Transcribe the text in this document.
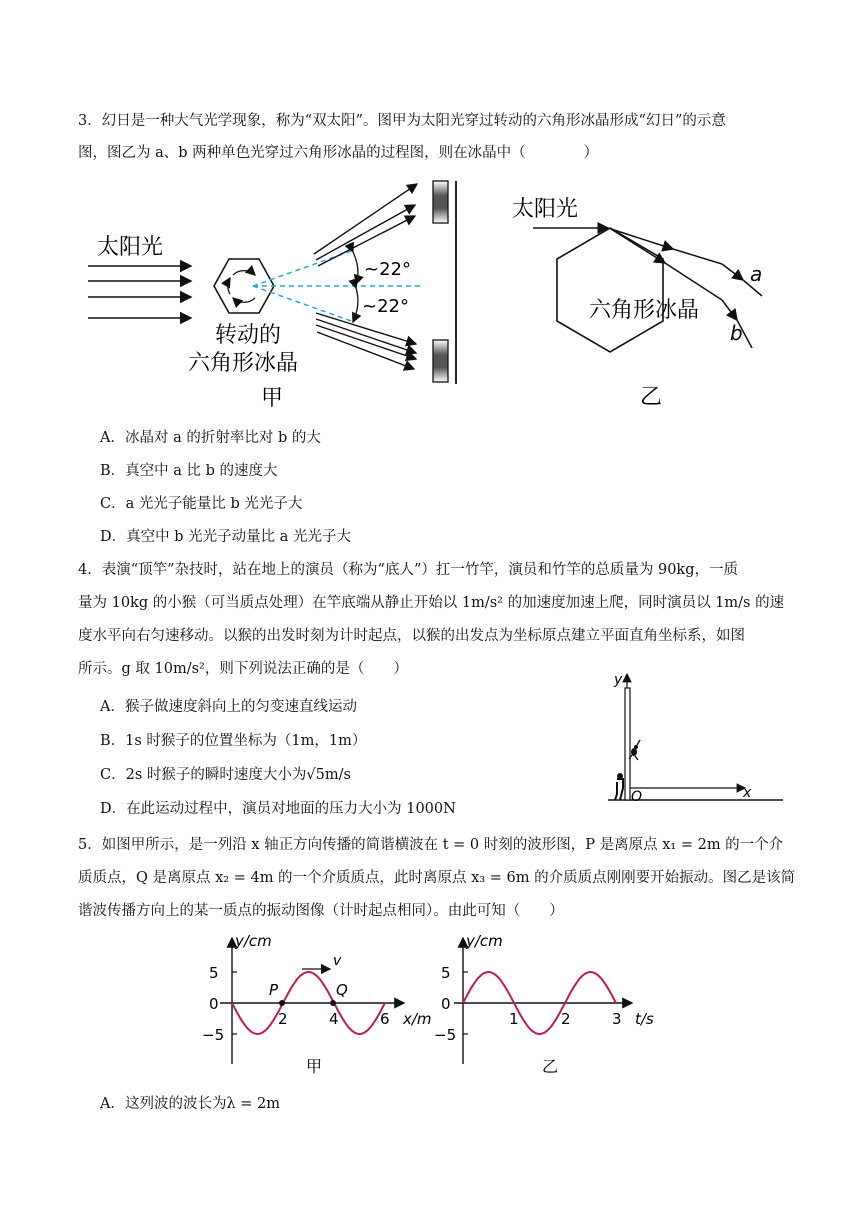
3．幻日是一种大气光学现象，称为“双太阳”。图甲为太阳光穿过转动的六角形冰晶形成“幻日”的示意
图，图乙为 a、b 两种单色光穿过六角形冰晶的过程图，则在冰晶中（　　　　）
太阳光
~22°
~22°
转动的
六角形冰晶
甲
太阳光
六角形冰晶
a
b
乙
A．冰晶对 a 的折射率比对 b 的大
B．真空中 a 比 b 的速度大
C．a 光光子能量比 b 光光子大
D．真空中 b 光光子动量比 a 光光子大
4．表演“顶竿”杂技时，站在地上的演员（称为“底人”）扛一竹竿，演员和竹竿的总质量为 90kg，一质
量为 10kg 的小猴（可当质点处理）在竿底端从静止开始以 1m/s² 的加速度加速上爬，同时演员以 1m/s 的速
度水平向右匀速移动。以猴的出发时刻为计时起点，以猴的出发点为坐标原点建立平面直角坐标系，如图
所示。g 取 10m/s²，则下列说法正确的是（　　）
A．猴子做速度斜向上的匀变速直线运动
B．1s 时猴子的位置坐标为（1m，1m）
C．2s 时猴子的瞬时速度大小为√5m/s
D．在此运动过程中，演员对地面的压力大小为 1000N
y
x
O
5．如图甲所示，是一列沿 x 轴正方向传播的简谐横波在 t = 0 时刻的波形图，P 是离原点 x₁ = 2m 的一个介
质质点，Q 是离原点 x₂ = 4m 的一个介质质点，此时离原点 x₃ = 6m 的介质质点刚刚要开始振动。图乙是该简
谐波传播方向上的某一质点的振动图像（计时起点相同）。由此可知（　　）
v
y/cm
x/m
5
0
−5
P	Q
2	4	6
甲
y/cm
t/s
5
0
−5
1	2	3
乙
A．这列波的波长为λ = 2m
